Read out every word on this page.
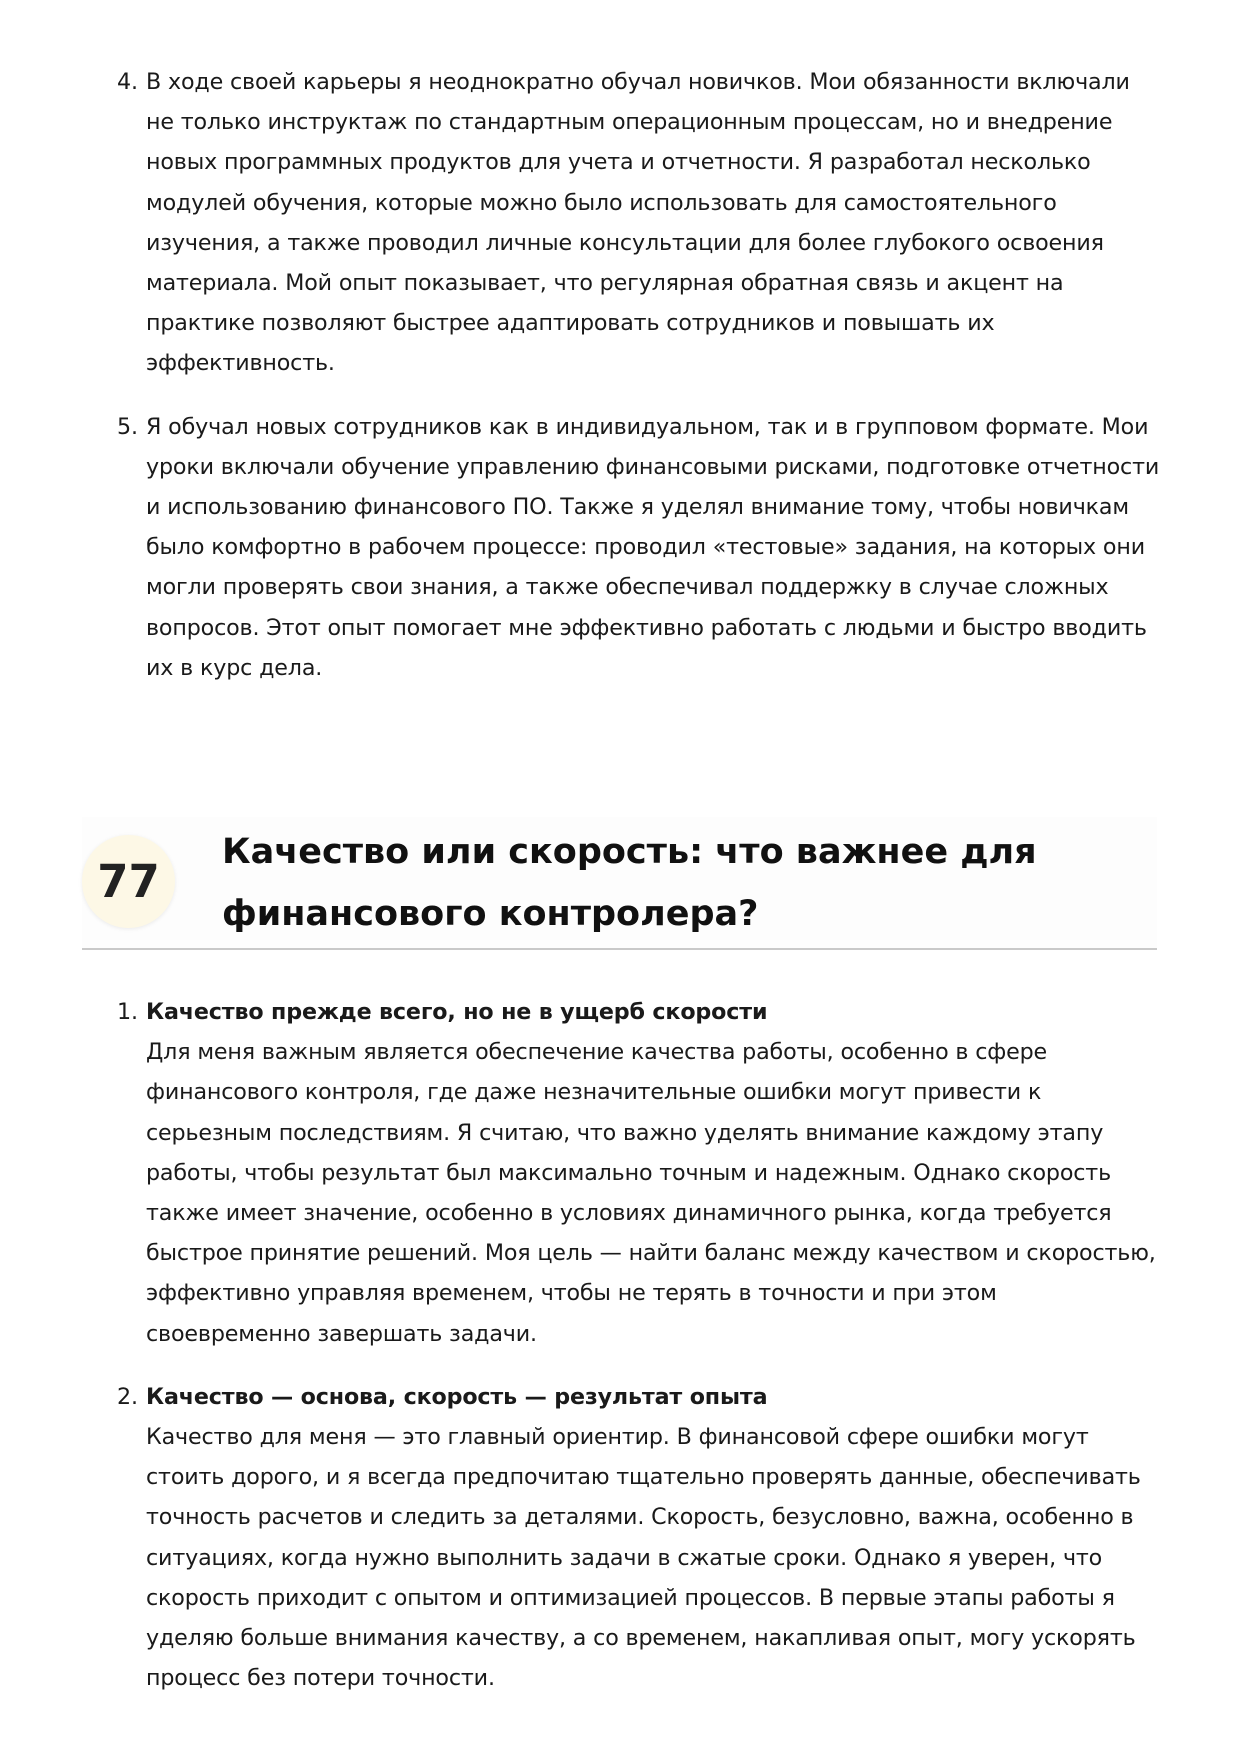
4. В ходе своей карьеры я неоднократно обучал новичков. Мои обязанности включали не только инструктаж по стандартным операционным процессам, но и внедрение новых программных продуктов для учета и отчетности. Я разработал несколько модулей обучения, которые можно было использовать для самостоятельного изучения, а также проводил личные консультации для более глубокого освоения материала. Мой опыт показывает, что регулярная обратная связь и акцент на практике позволяют быстрее адаптировать сотрудников и повышать их эффективность.
5. Я обучал новых сотрудников как в индивидуальном, так и в групповом формате. Мои уроки включали обучение управлению финансовыми рисками, подготовке отчетности и использованию финансового ПО. Также я уделял внимание тому, чтобы новичкам было комфортно в рабочем процессе: проводил «тестовые» задания, на которых они могли проверять свои знания, а также обеспечивал поддержку в случае сложных вопросов. Этот опыт помогает мне эффективно работать с людьми и быстро вводить их в курс дела.
77
Качество или скорость: что важнее для финансового контролера?
1. Качество прежде всего, но не в ущерб скорости
Для меня важным является обеспечение качества работы, особенно в сфере финансового контроля, где даже незначительные ошибки могут привести к серьезным последствиям. Я считаю, что важно уделять внимание каждому этапу работы, чтобы результат был максимально точным и надежным. Однако скорость также имеет значение, особенно в условиях динамичного рынка, когда требуется быстрое принятие решений. Моя цель — найти баланс между качеством и скоростью, эффективно управляя временем, чтобы не терять в точности и при этом своевременно завершать задачи.
2. Качество — основа, скорость — результат опыта
Качество для меня — это главный ориентир. В финансовой сфере ошибки могут стоить дорого, и я всегда предпочитаю тщательно проверять данные, обеспечивать точность расчетов и следить за деталями. Скорость, безусловно, важна, особенно в ситуациях, когда нужно выполнить задачи в сжатые сроки. Однако я уверен, что скорость приходит с опытом и оптимизацией процессов. В первые этапы работы я уделяю больше внимания качеству, а со временем, накапливая опыт, могу ускорять процесс без потери точности.
